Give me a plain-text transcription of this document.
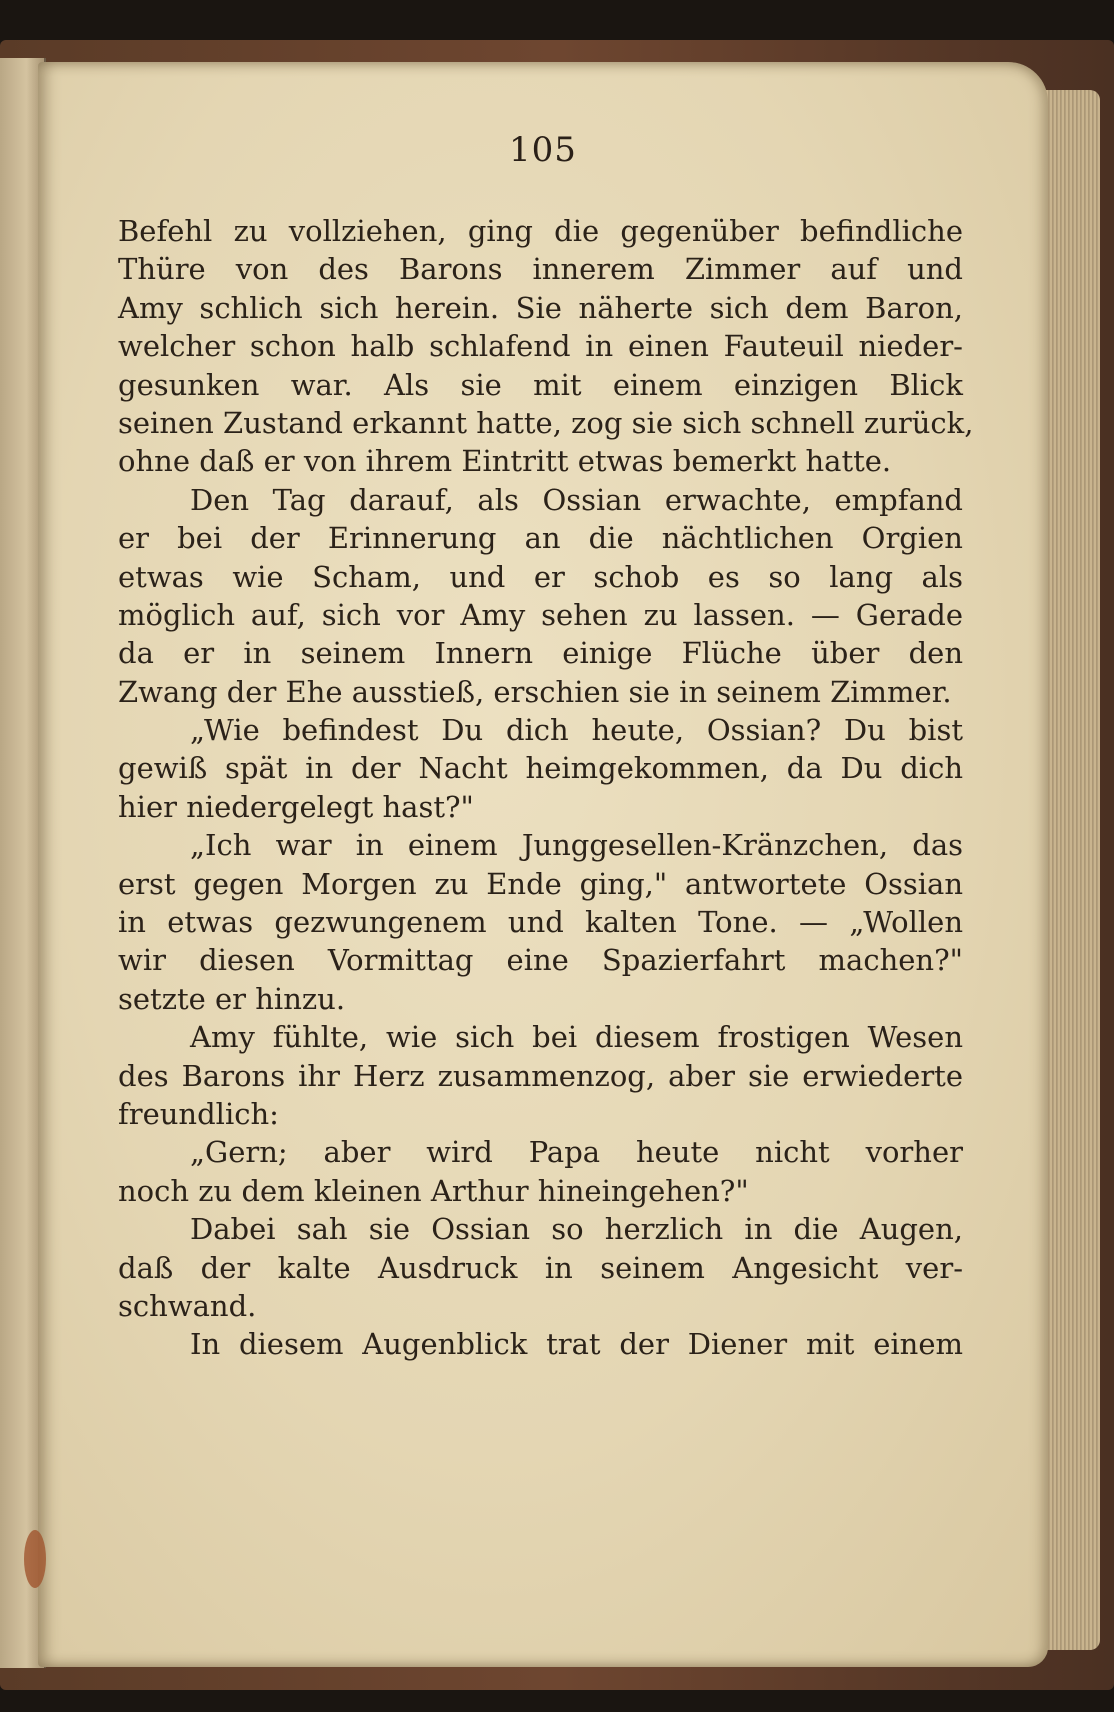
105
Befehl zu vollziehen, ging die gegenüber befindliche
Thüre von des Barons innerem Zimmer auf und
Amy schlich sich herein. Sie näherte sich dem Baron,
welcher schon halb schlafend in einen Fauteuil nieder-
gesunken war. Als sie mit einem einzigen Blick
seinen Zustand erkannt hatte, zog sie sich schnell zurück,
ohne daß er von ihrem Eintritt etwas bemerkt hatte.
Den Tag darauf, als Ossian erwachte, empfand
er bei der Erinnerung an die nächtlichen Orgien
etwas wie Scham, und er schob es so lang als
möglich auf, sich vor Amy sehen zu lassen. — Gerade
da er in seinem Innern einige Flüche über den
Zwang der Ehe ausstieß, erschien sie in seinem Zimmer.
„Wie befindest Du dich heute, Ossian? Du bist
gewiß spät in der Nacht heimgekommen, da Du dich
hier niedergelegt hast?"
„Ich war in einem Junggesellen-Kränzchen, das
erst gegen Morgen zu Ende ging," antwortete Ossian
in etwas gezwungenem und kalten Tone. — „Wollen
wir diesen Vormittag eine Spazierfahrt machen?"
setzte er hinzu.
Amy fühlte, wie sich bei diesem frostigen Wesen
des Barons ihr Herz zusammenzog, aber sie erwiederte
freundlich:
„Gern; aber wird Papa heute nicht vorher
noch zu dem kleinen Arthur hineingehen?"
Dabei sah sie Ossian so herzlich in die Augen,
daß der kalte Ausdruck in seinem Angesicht ver-
schwand.
In diesem Augenblick trat der Diener mit einem
